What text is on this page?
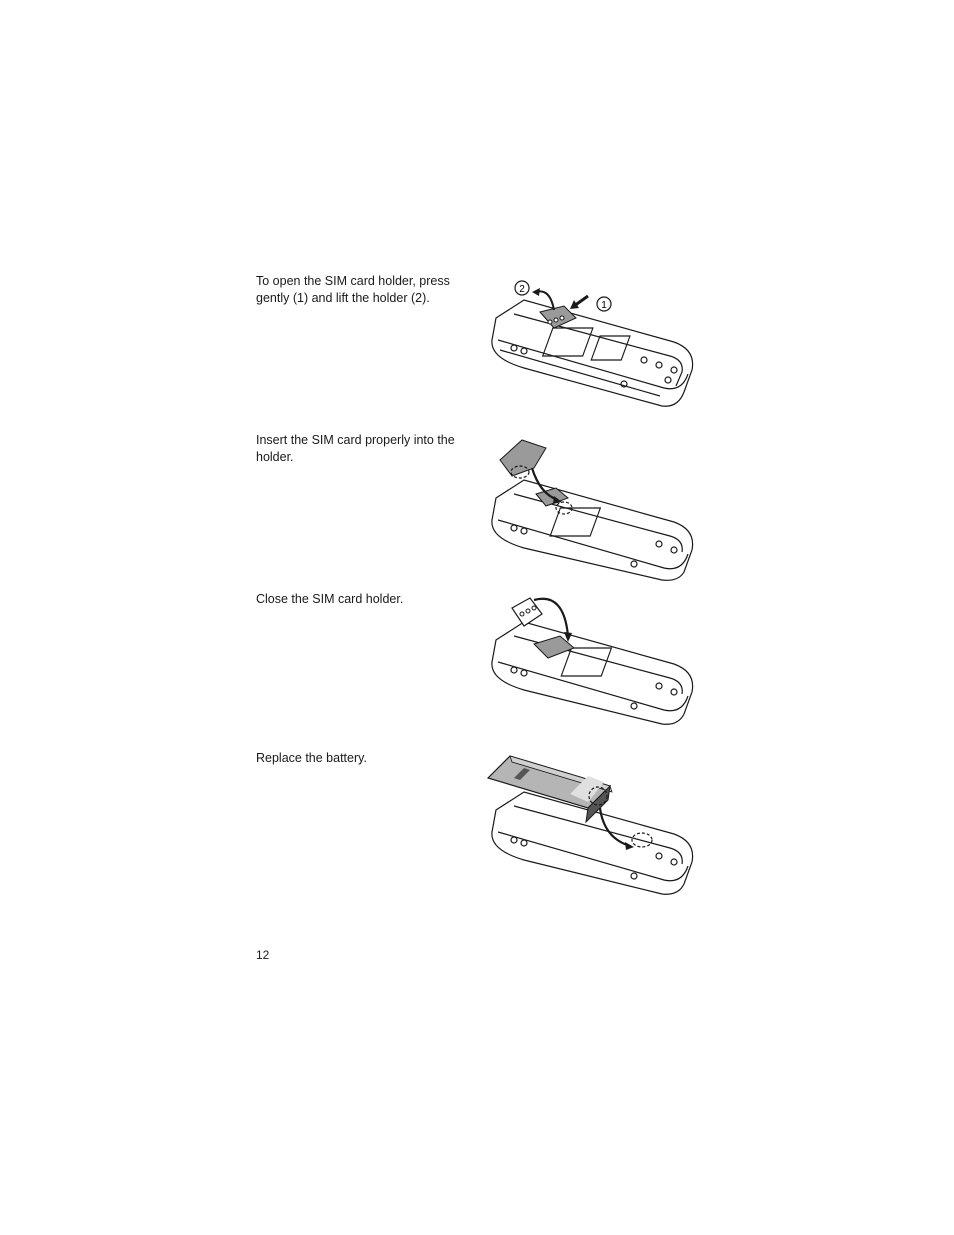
To open the SIM card holder, press gently (1) and lift the holder (2).
2
1
Insert the SIM card properly into the holder.
Close the SIM card holder.
Replace the battery.
12
